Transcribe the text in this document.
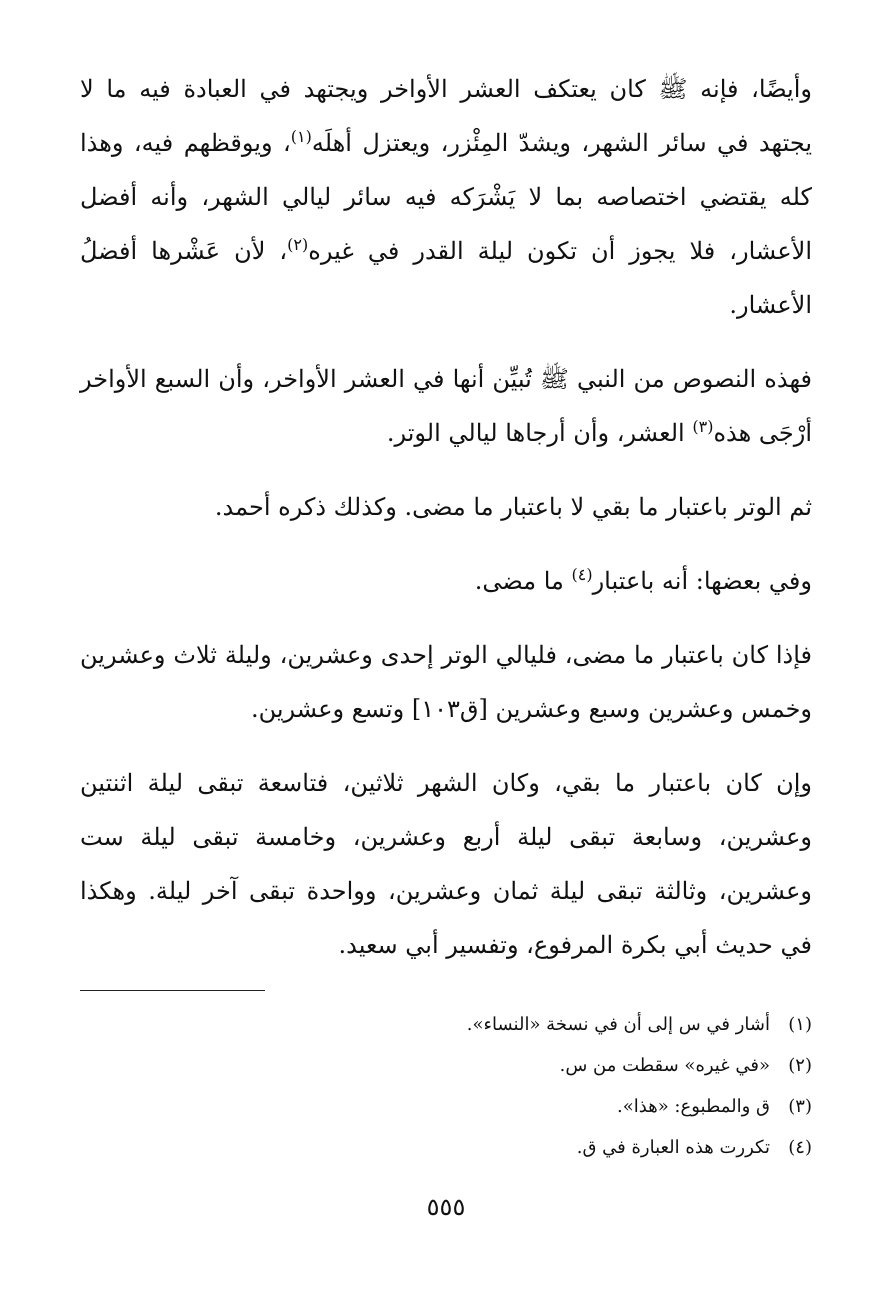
وأيضًا، فإنه ﷺ كان يعتكف العشر الأواخر ويجتهد في العبادة فيه ما لا يجتهد في سائر الشهر، ويشدّ المِئْزر، ويعتزل أهلَه$^{(١)}$، ويوقظهم فيه، وهذا كله يقتضي اختصاصه بما لا يَشْرَكه فيه سائر ليالي الشهر، وأنه أفضل الأعشار، فلا يجوز أن تكون ليلة القدر في غيره$^{(٢)}$، لأن عَشْرها أفضلُ الأعشار.

فهذه النصوص من النبي ﷺ تُبيِّن أنها في العشر الأواخر، وأن السبع الأواخر أرْجَى هذه$^{(٣)}$ العشر، وأن أرجاها ليالي الوتر.

ثم الوتر باعتبار ما بقي لا باعتبار ما مضى. وكذلك ذكره أحمد.

وفي بعضها: أنه باعتبار$^{(٤)}$ ما مضى.

فإذا كان باعتبار ما مضى، فليالي الوتر إحدى وعشرين، وليلة ثلاث وعشرين وخمس وعشرين وسبع وعشرين [ق١٠٣] وتسع وعشرين.

وإن كان باعتبار ما بقي، وكان الشهر ثلاثين، فتاسعة تبقى ليلة اثنتين وعشرين، وسابعة تبقى ليلة أربع وعشرين، وخامسة تبقى ليلة ست وعشرين، وثالثة تبقى ليلة ثمان وعشرين، وواحدة تبقى آخر ليلة. وهكذا في حديث أبي بكرة المرفوع، وتفسير أبي سعيد.

(١)
أشار في س إلى أن في نسخة «النساء».
(٢)
«في غيره» سقطت من س.
(٣)
ق والمطبوع: «هذا».
(٤)
تكررت هذه العبارة في ق.
٥٥٥
